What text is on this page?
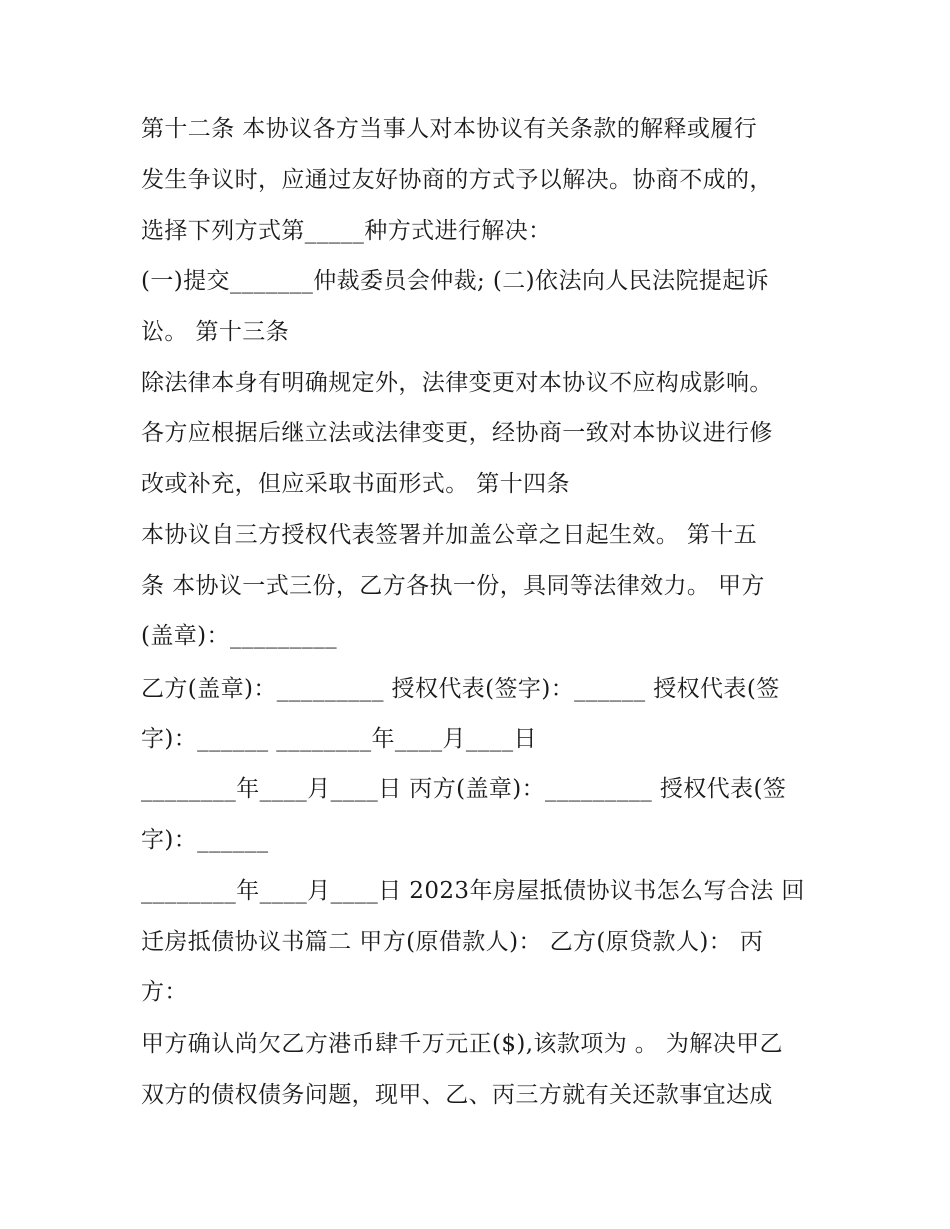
第十二条 本协议各方当事人对本协议有关条款的解释或履行
发生争议时，应通过友好协商的方式予以解决。协商不成的，
选择下列方式第_____种方式进行解决：
(一)提交_______仲裁委员会仲裁; (二)依法向人民法院提起诉
讼。 第十三条
除法律本身有明确规定外，法律变更对本协议不应构成影响。
各方应根据后继立法或法律变更，经协商一致对本协议进行修
改或补充，但应采取书面形式。 第十四条
本协议自三方授权代表签署并加盖公章之日起生效。 第十五
条 本协议一式三份，乙方各执一份，具同等法律效力。 甲方
(盖章)：_________
乙方(盖章)：_________ 授权代表(签字)：______ 授权代表(签
字)：______ ________年____月____日
________年____月____日 丙方(盖章)：_________ 授权代表(签
字)：______
________年____月____日 2023年房屋抵债协议书怎么写合法 回
迁房抵债协议书篇二 甲方(原借款人)： 乙方(原贷款人)： 丙
方：
甲方确认尚欠乙方港币肆千万元正($),该款项为 。 为解决甲乙
双方的债权债务问题，现甲、乙、丙三方就有关还款事宜达成
